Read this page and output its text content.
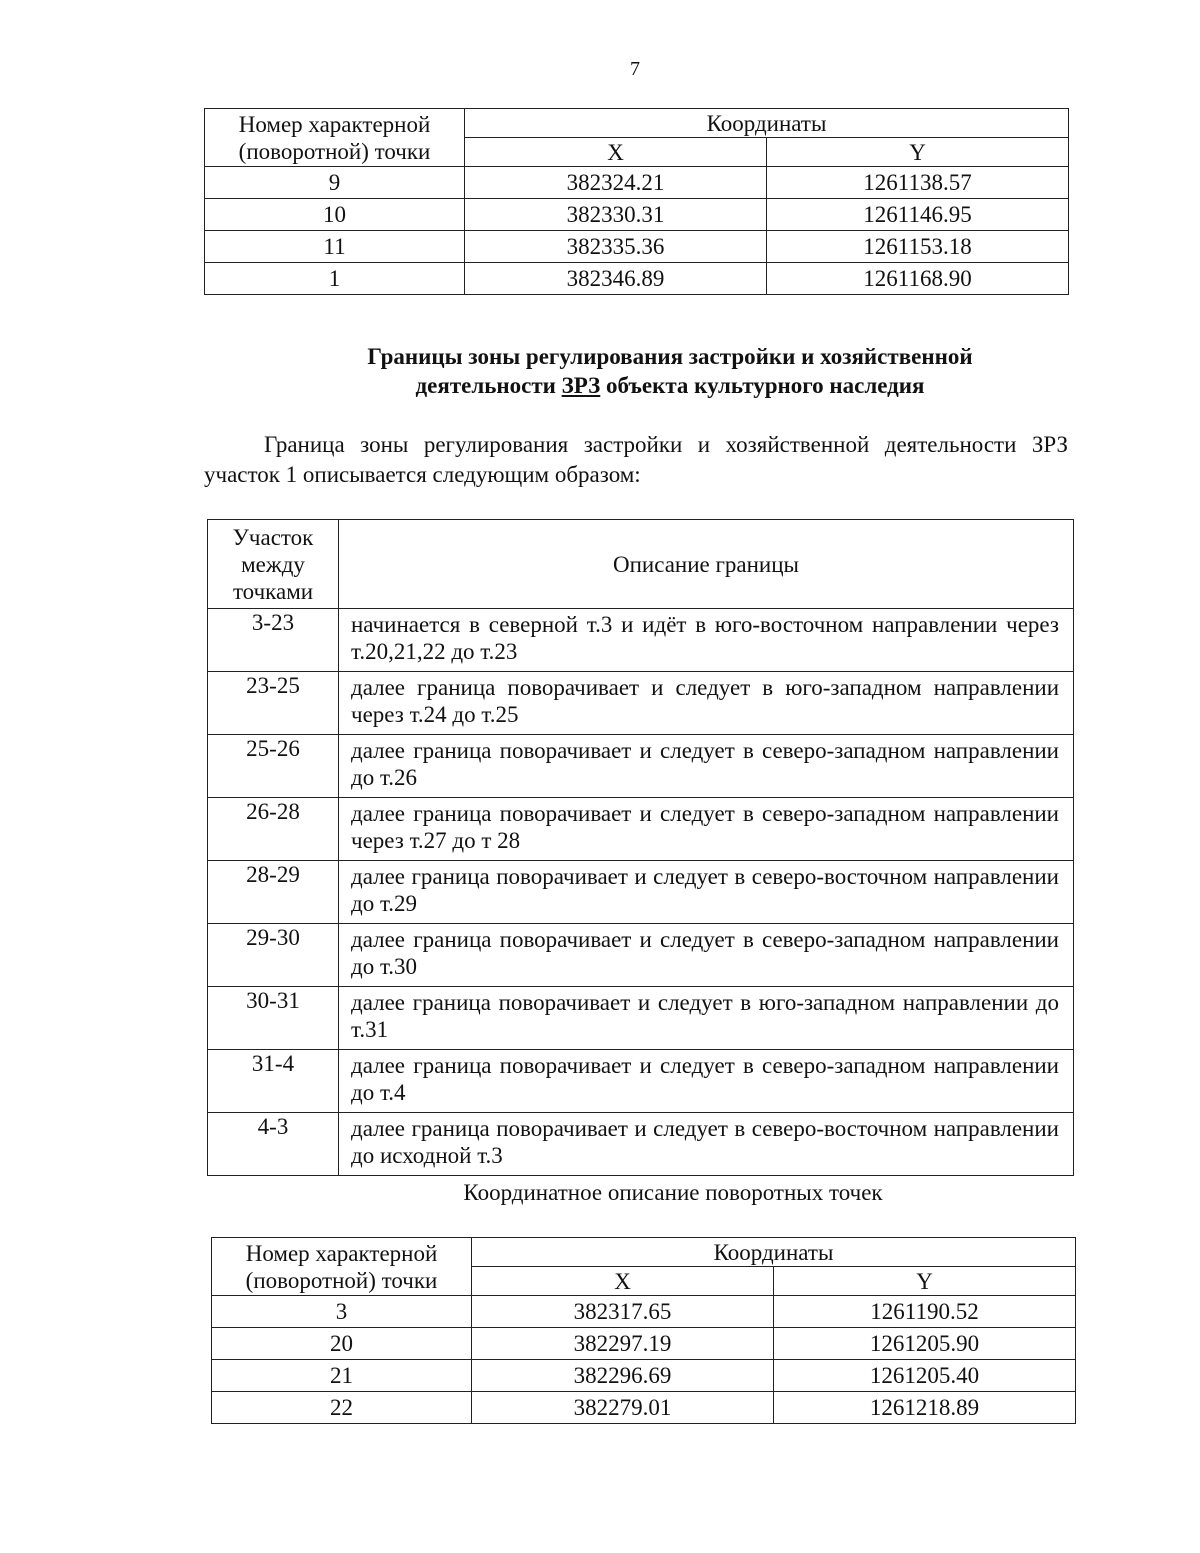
7
Номер характерной (поворотной) точки	Координаты	
	X	Y
9	382324.21	1261138.57
10	382330.31	1261146.95
11	382335.36	1261153.18
1	382346.89	1261168.90
Границы зоны регулирования застройки и хозяйственной
деятельности ЗРЗ объекта культурного наследия
Граница зоны регулирования застройки и хозяйственной деятельности ЗРЗ участок 1 описывается следующим образом:
Участок между точками	Описание границы
3-23	начинается в северной т.3 и идёт в юго-восточном направлении через т.20,21,22 до т.23
23-25	далее граница поворачивает и следует в юго-западном направлении через т.24 до т.25
25-26	далее граница поворачивает и следует в северо-западном направлении до т.26
26-28	далее граница поворачивает и следует в северо-западном направлении через т.27 до т 28
28-29	далее граница поворачивает и следует в северо-восточном направлении до т.29
29-30	далее граница поворачивает и следует в северо-западном направлении до т.30
30-31	далее граница поворачивает и следует в юго-западном направлении до т.31
31-4	далее граница поворачивает и следует в северо-западном направлении до т.4
4-3	далее граница поворачивает и следует в северо-восточном направлении до исходной т.3
Координатное описание поворотных точек
Номер характерной (поворотной) точки	Координаты	
	X	Y
3	382317.65	1261190.52
20	382297.19	1261205.90
21	382296.69	1261205.40
22	382279.01	1261218.89
